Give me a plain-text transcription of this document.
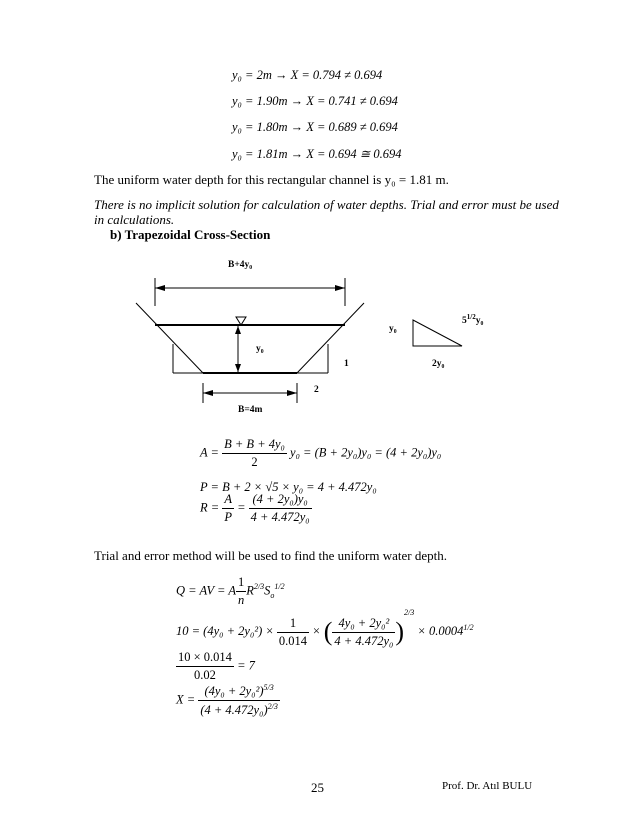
y₀ = 2m → X = 0.794 ≠ 0.694
y₀ = 1.90m → X = 0.741 ≠ 0.694
y₀ = 1.80m → X = 0.689 ≠ 0.694
y₀ = 1.81m → X = 0.694 ≅ 0.694
The uniform water depth for this rectangular channel is y₀ = 1.81 m.
There is no implicit solution for calculation of water depths. Trial and error must be used
in calculations.
b) Trapezoidal Cross-Section
B+4y₀
y₀
1
2
B=4m
y₀
2y₀
$5^{1/2}y_0$
$A = \frac{\text{B + B + 4y₀}}{2} y_0 = (B + 2y_0)y_0 = (4 + 2y_0)y_0$
P = B + 2 × √5 × y₀ = 4 + 4.472y₀
$R = \frac{A}{P} = \frac{\text{(4 + 2y₀)y₀}}{\text{4 + 4.472y₀}}$
Trial and error method will be used to find the uniform water depth.
Q = AV = A $\frac{1}{n} R^{2/3}S_o^{1/2}$
$10 = (4y_0 + 2y_0^2) \times \frac{1}{0.014}$ × ( $\frac{\text{4y₀ + 2y₀²}}{\text{4 + 4.472y₀}} )^{2/3} \times 0.0004^{1/2}$
$\frac{10 \times 0.014}{0.02} = 7$
$X = \frac{(4y_0 + 2y_0^2)^{5/3}}{(4 + 4.472y_0)^{2/3}}$
25	Prof. Dr. Atıl BULU
